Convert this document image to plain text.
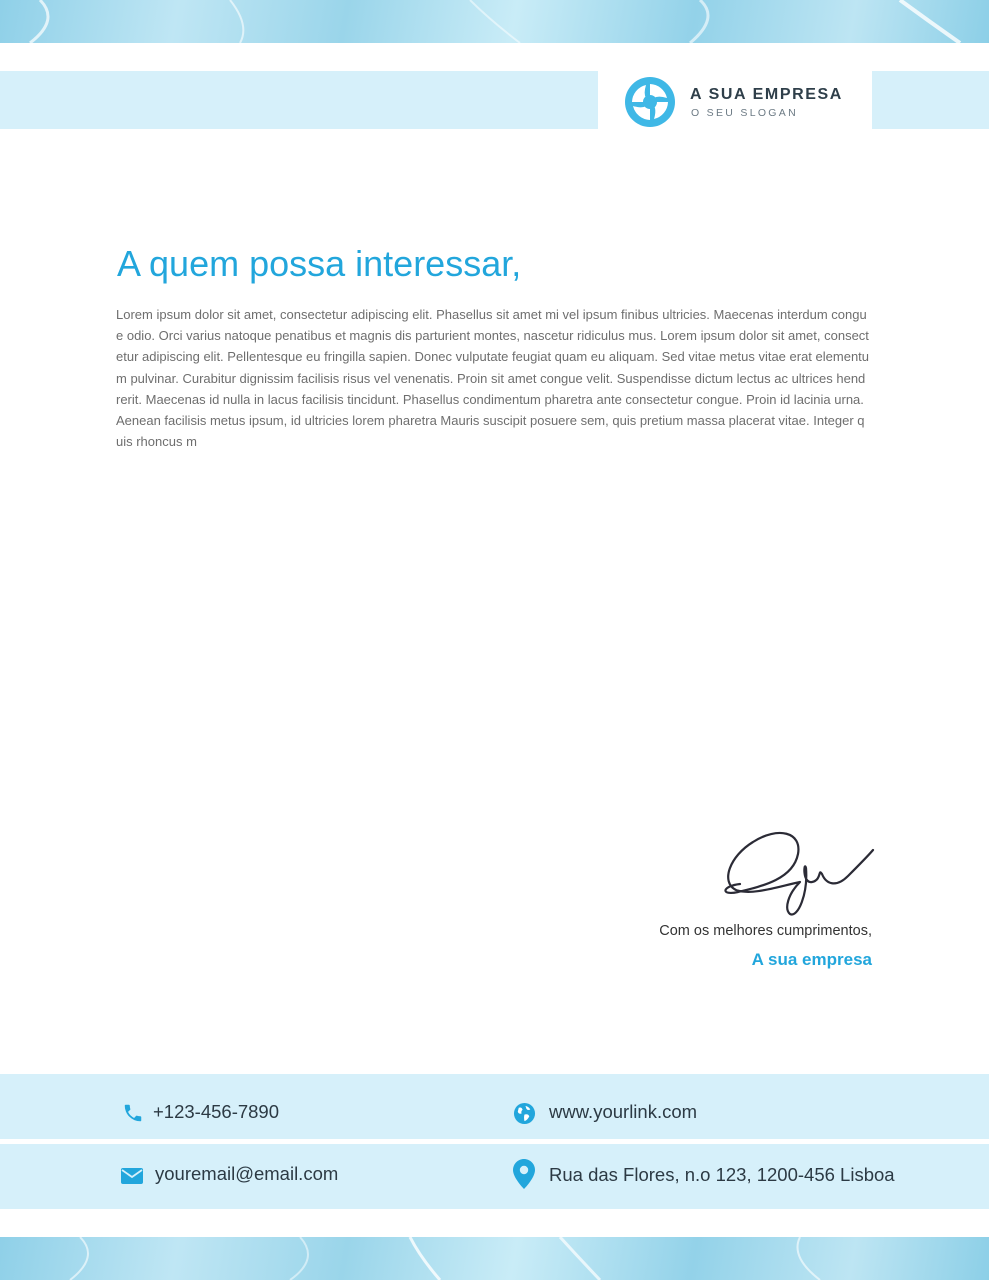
A SUA EMPRESA
O SEU SLOGAN
A quem possa interessar,
Lorem ipsum dolor sit amet, consectetur adipiscing elit. Phasellus sit amet mi vel ipsum finibus ultricies. Maecenas interdum congue odio. Orci varius natoque penatibus et magnis dis parturient montes, nascetur ridiculus mus. Lorem ipsum dolor sit amet, consectetur adipiscing elit. Pellentesque eu fringilla sapien. Donec vulputate feugiat quam eu aliquam. Sed vitae metus vitae erat elementum pulvinar. Curabitur dignissim facilisis risus vel venenatis. Proin sit amet congue velit. Suspendisse dictum lectus ac ultrices hendrerit. Maecenas id nulla in lacus facilisis tincidunt. Phasellus condimentum pharetra ante consectetur congue. Proin id lacinia urna. Aenean facilisis metus ipsum, id ultricies lorem pharetra Mauris suscipit posuere sem, quis pretium massa placerat vitae. Integer quis rhoncus m
Com os melhores cumprimentos,
A sua empresa
+123-456-7890	www.yourlink.com
youremail@email.com	Rua das Flores, n.o 123, 1200-456 Lisboa
